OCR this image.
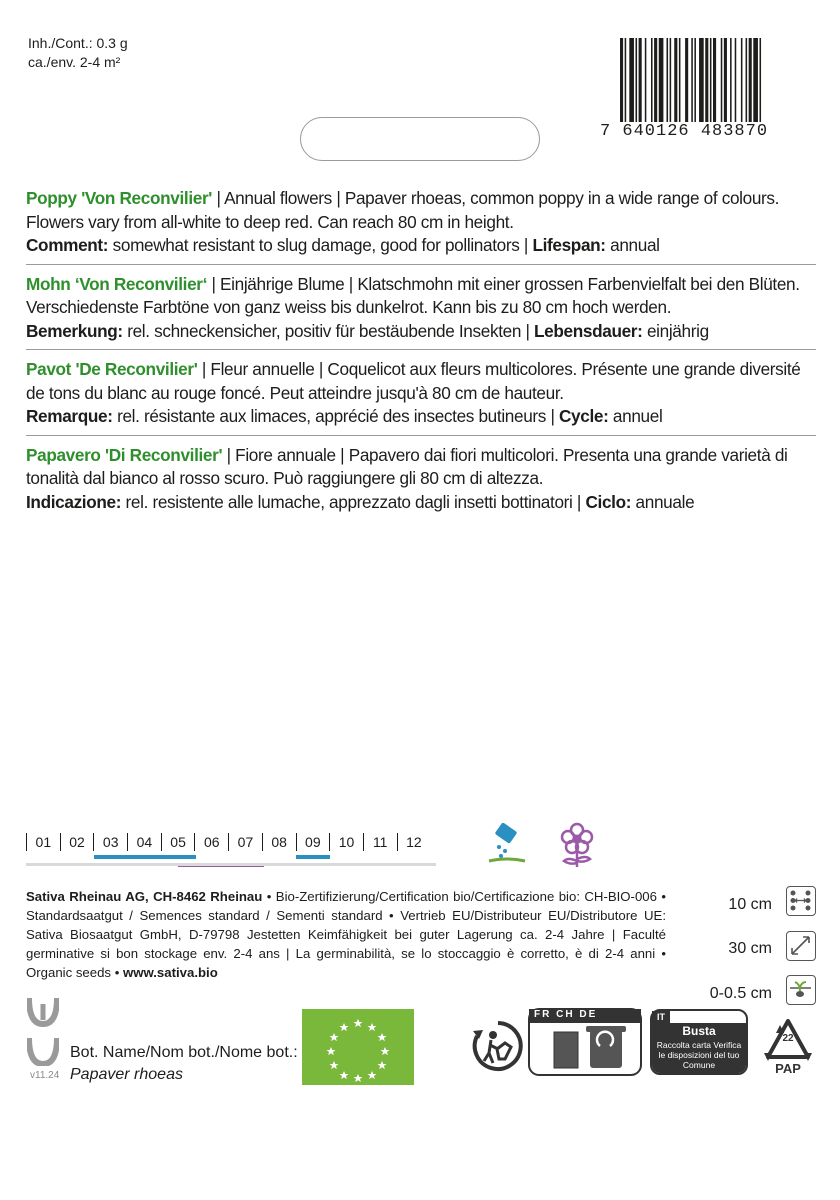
Inh./Cont.: 0.3 g
ca./env. 2-4 m²
7 640126 483870
Poppy 'Von Reconvilier' | Annual flowers | Papaver rhoeas, common poppy in a wide range of colours. Flowers vary from all-white to deep red. Can reach 80 cm in height.
Comment: somewhat resistant to slug damage, good for pollinators | Lifespan: annual
Mohn ‘Von Reconvilier‘ | Einjährige Blume | Klatschmohn mit einer grossen Farbenvielfalt bei den Blüten. Verschiedenste Farbtöne von ganz weiss bis dunkelrot. Kann bis zu 80 cm hoch werden.
Bemerkung: rel. schneckensicher, positiv für bestäubende Insekten | Lebensdauer: einjährig
Pavot 'De Reconvilier' | Fleur annuelle | Coquelicot aux fleurs multicolores. Présente une grande diversité de tons du blanc au rouge foncé. Peut atteindre jusqu'à 80 cm de hauteur.
Remarque: rel. résistante aux limaces, apprécié des insectes butineurs | Cycle: annuel
Papavero 'Di Reconvilier' | Fiore annuale | Papavero dai fiori multicolori. Presenta una grande varietà di tonalità dal bianco al rosso scuro. Può raggiungere gli 80 cm di altezza.
Indicazione: rel. resistente alle lumache, apprezzato dagli insetti bottinatori | Ciclo: annuale
01	02	03	04	05	06	07	08	09	10	11	12
Sativa Rheinau AG, CH-8462 Rheinau • Bio-Zertifizierung/Certification bio/Certificazione bio: CH-BIO-006 • Standardsaatgut / Semences standard / Sementi standard • Vertrieb EU/Distributeur EU/Distributore UE: Sativa Biosaatgut GmbH, D-79798 Jestetten Keimfähigkeit bei guter Lagerung ca. 2-4 Jahre | Faculté germinative si bon stockage env. 2-4 ans | La germinabilità, se lo stoccaggio è corretto, è di 2-4 anni • Organic seeds • www.sativa.bio
10 cm
30 cm
0-0.5 cm
Bot. Name/Nom bot./Nome bot.:
Papaver rhoeas
v11.24
FR CH DE	IT
Busta
Raccolta carta Verifica le disposizioni del tuo Comune
22
PAP
